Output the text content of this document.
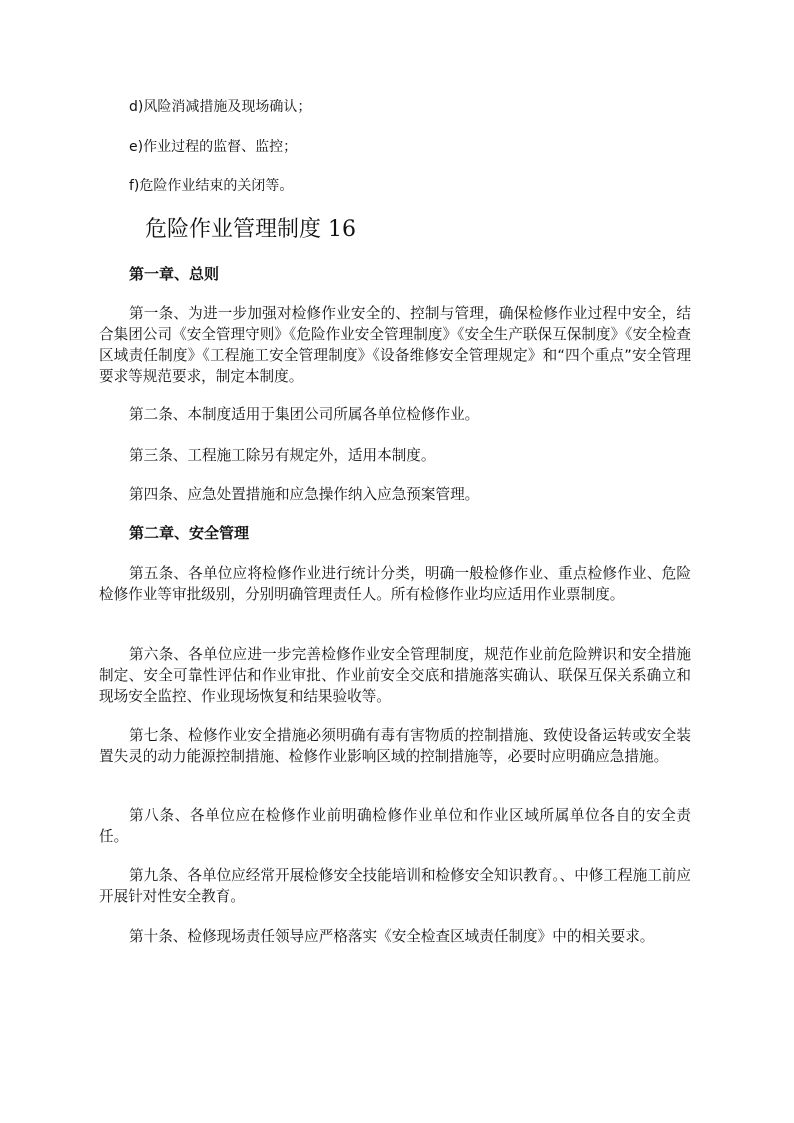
d)风险消减措施及现场确认；
e)作业过程的监督、监控；
f)危险作业结束的关闭等。
危险作业管理制度 16
第一章、总则
第一条、为进一步加强对检修作业安全的、控制与管理，确保检修作业过程中安全，结合集团公司《安全管理守则》《危险作业安全管理制度》《安全生产联保互保制度》《安全检查区域责任制度》《工程施工安全管理制度》《设备维修安全管理规定》和“四个重点”安全管理要求等规范要求，制定本制度。
第二条、本制度适用于集团公司所属各单位检修作业。
第三条、工程施工除另有规定外，适用本制度。
第四条、应急处置措施和应急操作纳入应急预案管理。
第二章、安全管理
第五条、各单位应将检修作业进行统计分类，明确一般检修作业、重点检修作业、危险检修作业等审批级别，分别明确管理责任人。所有检修作业均应适用作业票制度。
第六条、各单位应进一步完善检修作业安全管理制度，规范作业前危险辨识和安全措施制定、安全可靠性评估和作业审批、作业前安全交底和措施落实确认、联保互保关系确立和现场安全监控、作业现场恢复和结果验收等。
第七条、检修作业安全措施必须明确有毒有害物质的控制措施、致使设备运转或安全装置失灵的动力能源控制措施、检修作业影响区域的控制措施等，必要时应明确应急措施。
第八条、各单位应在检修作业前明确检修作业单位和作业区域所属单位各自的安全责任。
第九条、各单位应经常开展检修安全技能培训和检修安全知识教育。、中修工程施工前应开展针对性安全教育。
第十条、检修现场责任领导应严格落实《安全检查区域责任制度》中的相关要求。
